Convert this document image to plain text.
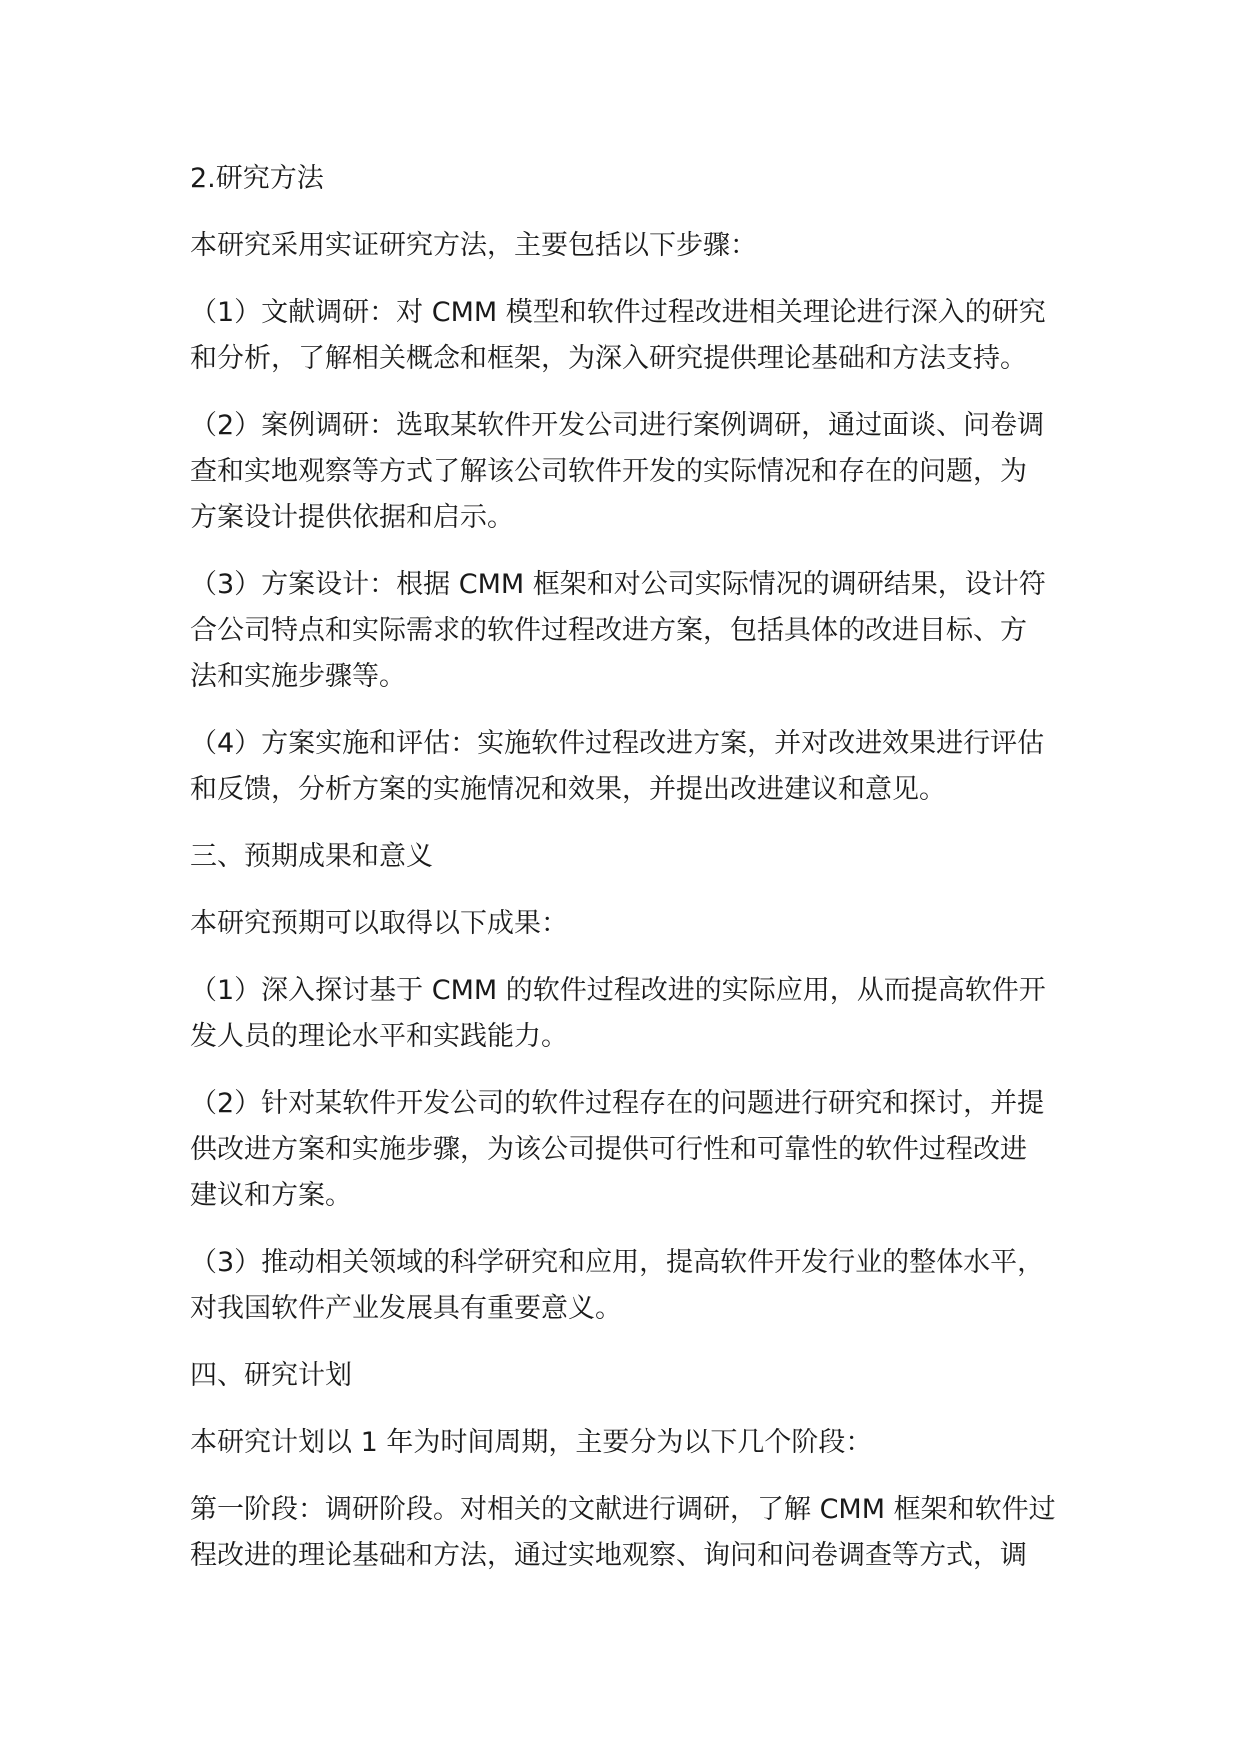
2.研究方法

本研究采用实证研究方法，主要包括以下步骤：

（1）文献调研：对 CMM 模型和软件过程改进相关理论进行深入的研究
和分析，了解相关概念和框架，为深入研究提供理论基础和方法支持。

（2）案例调研：选取某软件开发公司进行案例调研，通过面谈、问卷调
查和实地观察等方式了解该公司软件开发的实际情况和存在的问题，为
方案设计提供依据和启示。

（3）方案设计：根据 CMM 框架和对公司实际情况的调研结果，设计符
合公司特点和实际需求的软件过程改进方案，包括具体的改进目标、方
法和实施步骤等。

（4）方案实施和评估：实施软件过程改进方案，并对改进效果进行评估
和反馈，分析方案的实施情况和效果，并提出改进建议和意见。

三、预期成果和意义

本研究预期可以取得以下成果：

（1）深入探讨基于 CMM 的软件过程改进的实际应用，从而提高软件开
发人员的理论水平和实践能力。

（2）针对某软件开发公司的软件过程存在的问题进行研究和探讨，并提
供改进方案和实施步骤，为该公司提供可行性和可靠性的软件过程改进
建议和方案。

（3）推动相关领域的科学研究和应用，提高软件开发行业的整体水平，
对我国软件产业发展具有重要意义。

四、研究计划

本研究计划以 1 年为时间周期，主要分为以下几个阶段：

第一阶段：调研阶段。对相关的文献进行调研，了解 CMM 框架和软件过
程改进的理论基础和方法，通过实地观察、询问和问卷调查等方式，调
